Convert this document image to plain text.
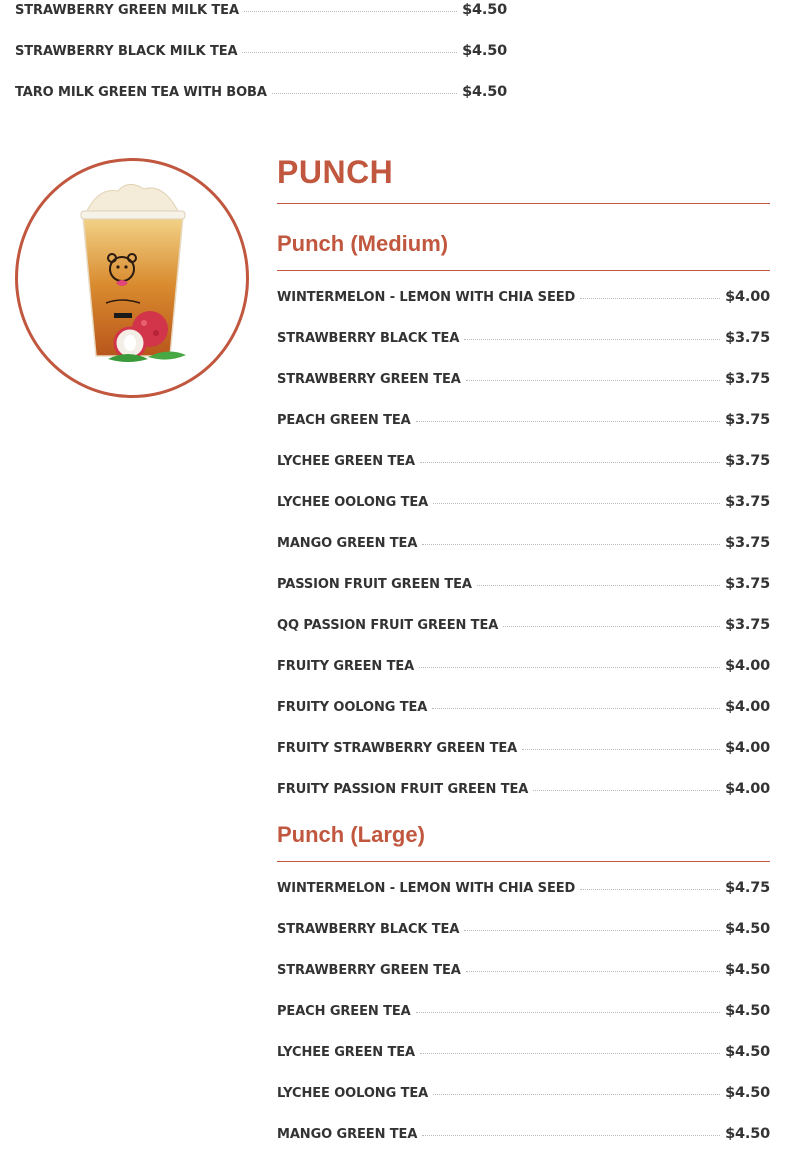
STRAWBERRY GREEN MILK TEA	$4.50
STRAWBERRY BLACK MILK TEA	$4.50
TARO MILK GREEN TEA WITH BOBA	$4.50
PUNCH
Punch (Medium)
WINTERMELON - LEMON WITH CHIA SEED	$4.00
STRAWBERRY BLACK TEA	$3.75
STRAWBERRY GREEN TEA	$3.75
PEACH GREEN TEA	$3.75
LYCHEE GREEN TEA	$3.75
LYCHEE OOLONG TEA	$3.75
MANGO GREEN TEA	$3.75
PASSION FRUIT GREEN TEA	$3.75
QQ PASSION FRUIT GREEN TEA	$3.75
FRUITY GREEN TEA	$4.00
FRUITY OOLONG TEA	$4.00
FRUITY STRAWBERRY GREEN TEA	$4.00
FRUITY PASSION FRUIT GREEN TEA	$4.00
Punch (Large)
WINTERMELON - LEMON WITH CHIA SEED	$4.75
STRAWBERRY BLACK TEA	$4.50
STRAWBERRY GREEN TEA	$4.50
PEACH GREEN TEA	$4.50
LYCHEE GREEN TEA	$4.50
LYCHEE OOLONG TEA	$4.50
MANGO GREEN TEA	$4.50
